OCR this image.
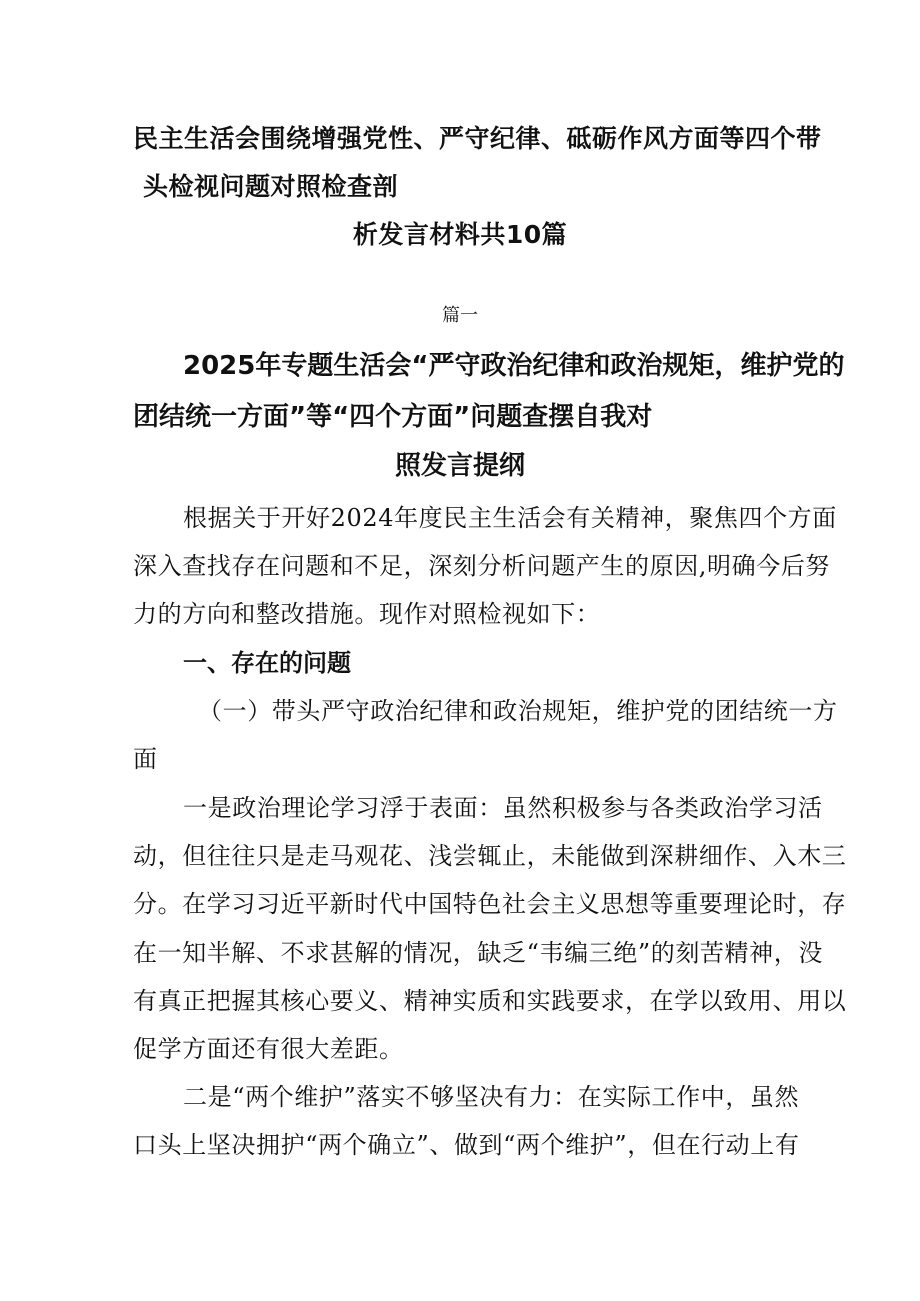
民主生活会围绕增强党性、严守纪律、砥砺作风方面等四个带
头检视问题对照检查剖
析发言材料共10篇
篇一
2025年专题生活会“严守政治纪律和政治规矩，维护党的
团结统一方面”等“四个方面”问题查摆自我对
照发言提纲
根据关于开好2024年度民主生活会有关精神，聚焦四个方面
深入查找存在问题和不足，深刻分析问题产生的原因,明确今后努
力的方向和整改措施。现作对照检视如下：
一、存在的问题
（一）带头严守政治纪律和政治规矩，维护党的团结统一方
面
一是政治理论学习浮于表面：虽然积极参与各类政治学习活
动，但往往只是走马观花、浅尝辄止，未能做到深耕细作、入木三
分。在学习习近平新时代中国特色社会主义思想等重要理论时，存
在一知半解、不求甚解的情况，缺乏“韦编三绝”的刻苦精神，没
有真正把握其核心要义、精神实质和实践要求，在学以致用、用以
促学方面还有很大差距。
二是“两个维护”落实不够坚决有力：在实际工作中，虽然
口头上坚决拥护“两个确立”、做到“两个维护”，但在行动上有
